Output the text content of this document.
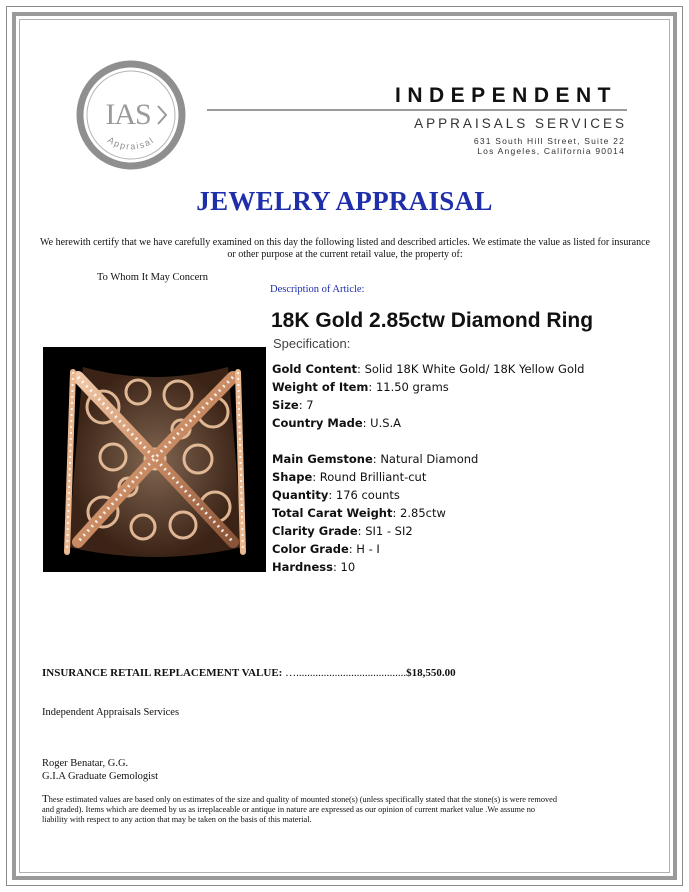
IAS
Appraisal
INDEPENDENT
APPRAISALS SERVICES
631 South Hill Street, Suite 22
Los Angeles, California 90014
JEWELRY APPRAISAL
We herewith certify that we have carefully examined on this day the following listed and described articles. We estimate the value as listed for insurance or other purpose at the current retail value, the property of:
To Whom It May Concern
Description of Article:
18K Gold 2.85ctw Diamond Ring
Specification:
Gold Content: Solid 18K White Gold/ 18K Yellow Gold
Weight of Item: 11.50 grams
Size: 7
Country Made: U.S.A
Main Gemstone: Natural Diamond
Shape: Round Brilliant-cut
Quantity: 176 counts
Total Carat Weight: 2.85ctw
Clarity Grade: SI1 - SI2
Color Grade: H - I
Hardness: 10
INSURANCE RETAIL REPLACEMENT VALUE: …........................................$18,550.00
Independent Appraisals Services
Roger Benatar, G.G.
G.I.A Graduate Gemologist
These estimated values are based only on estimates of the size and quality of mounted stone(s) (unless specifically stated that the stone(s) is were removed and graded). Items which are deemed by us as irreplaceable or antique in nature are expressed as our opinion of current market value .We assume no liability with respect to any action that may be taken on the basis of this material.
